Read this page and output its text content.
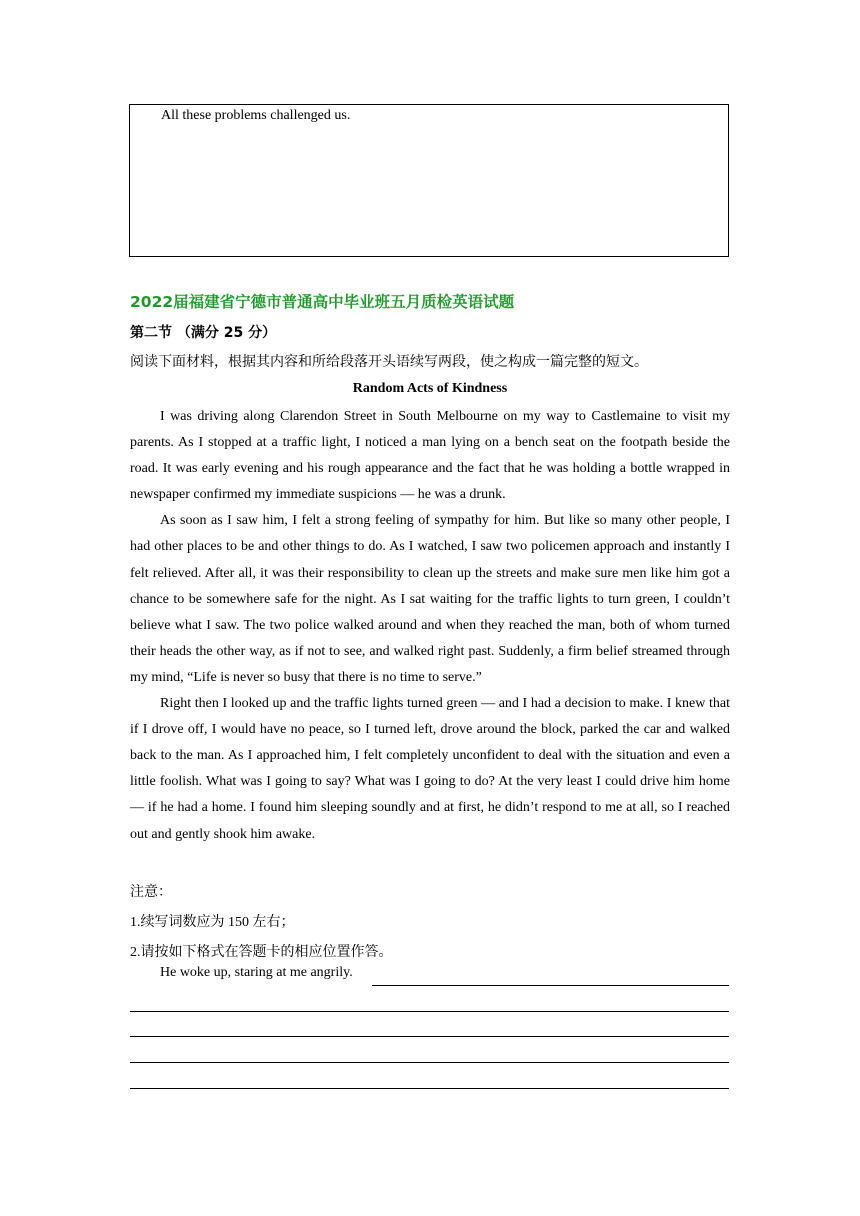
All these problems challenged us.
2022届福建省宁德市普通高中毕业班五月质检英语试题
第二节 （满分 25 分）
阅读下面材料，根据其内容和所给段落开头语续写两段，使之构成一篇完整的短文。
Random Acts of Kindness

I was driving along Clarendon Street in South Melbourne on my way to Castlemaine to visit my parents. As I stopped at a traffic light, I noticed a man lying on a bench seat on the footpath beside the road. It was early evening and his rough appearance and the fact that he was holding a bottle wrapped in newspaper confirmed my immediate suspicions — he was a drunk.

As soon as I saw him, I felt a strong feeling of sympathy for him. But like so many other people, I had other places to be and other things to do. As I watched, I saw two policemen approach and instantly I felt relieved. After all, it was their responsibility to clean up the streets and make sure men like him got a chance to be somewhere safe for the night. As I sat waiting for the traffic lights to turn green, I couldn’t believe what I saw. The two police walked around and when they reached the man, both of whom turned their heads the other way, as if not to see, and walked right past. Suddenly, a firm belief streamed through my mind, “Life is never so busy that there is no time to serve.”

Right then I looked up and the traffic lights turned green — and I had a decision to make. I knew that if I drove off, I would have no peace, so I turned left, drove around the block, parked the car and walked back to the man. As I approached him, I felt completely unconfident to deal with the situation and even a little foolish. What was I going to say? What was I going to do? At the very least I could drive him home — if he had a home. I found him sleeping soundly and at first, he didn’t respond to me at all, so I reached out and gently shook him awake.

注意：
1.续写词数应为 150 左右；
2.请按如下格式在答题卡的相应位置作答。
He woke up, staring at me angrily.
